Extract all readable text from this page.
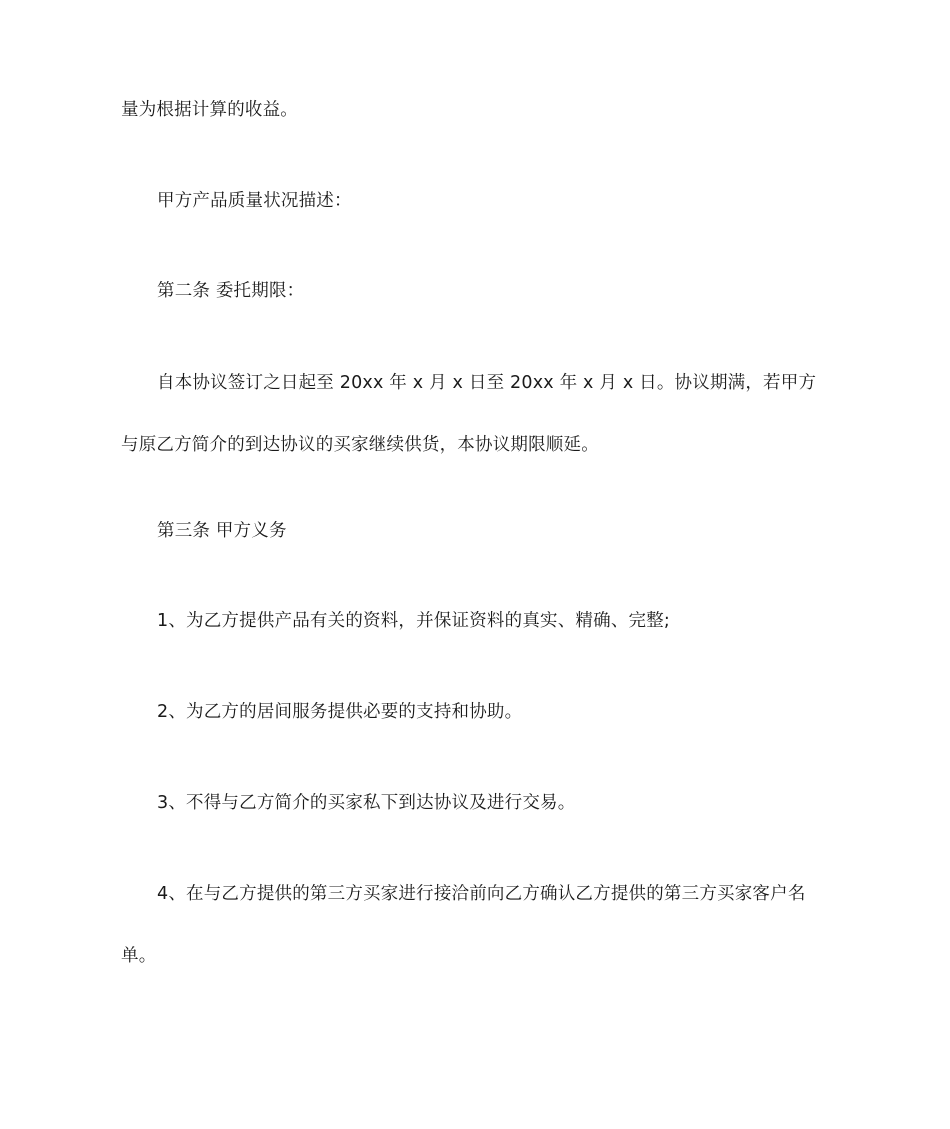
量为根据计算的收益。

甲方产品质量状况描述：

第二条 委托期限：

自本协议签订之日起至 20xx 年 x 月 x 日至 20xx 年 x 月 x 日。协议期满，若甲方与原乙方简介的到达协议的买家继续供货，本协议期限顺延。

第三条 甲方义务

1、为乙方提供产品有关的资料，并保证资料的真实、精确、完整;

2、为乙方的居间服务提供必要的支持和协助。

3、不得与乙方简介的买家私下到达协议及进行交易。

4、在与乙方提供的第三方买家进行接洽前向乙方确认乙方提供的第三方买家客户名单。
